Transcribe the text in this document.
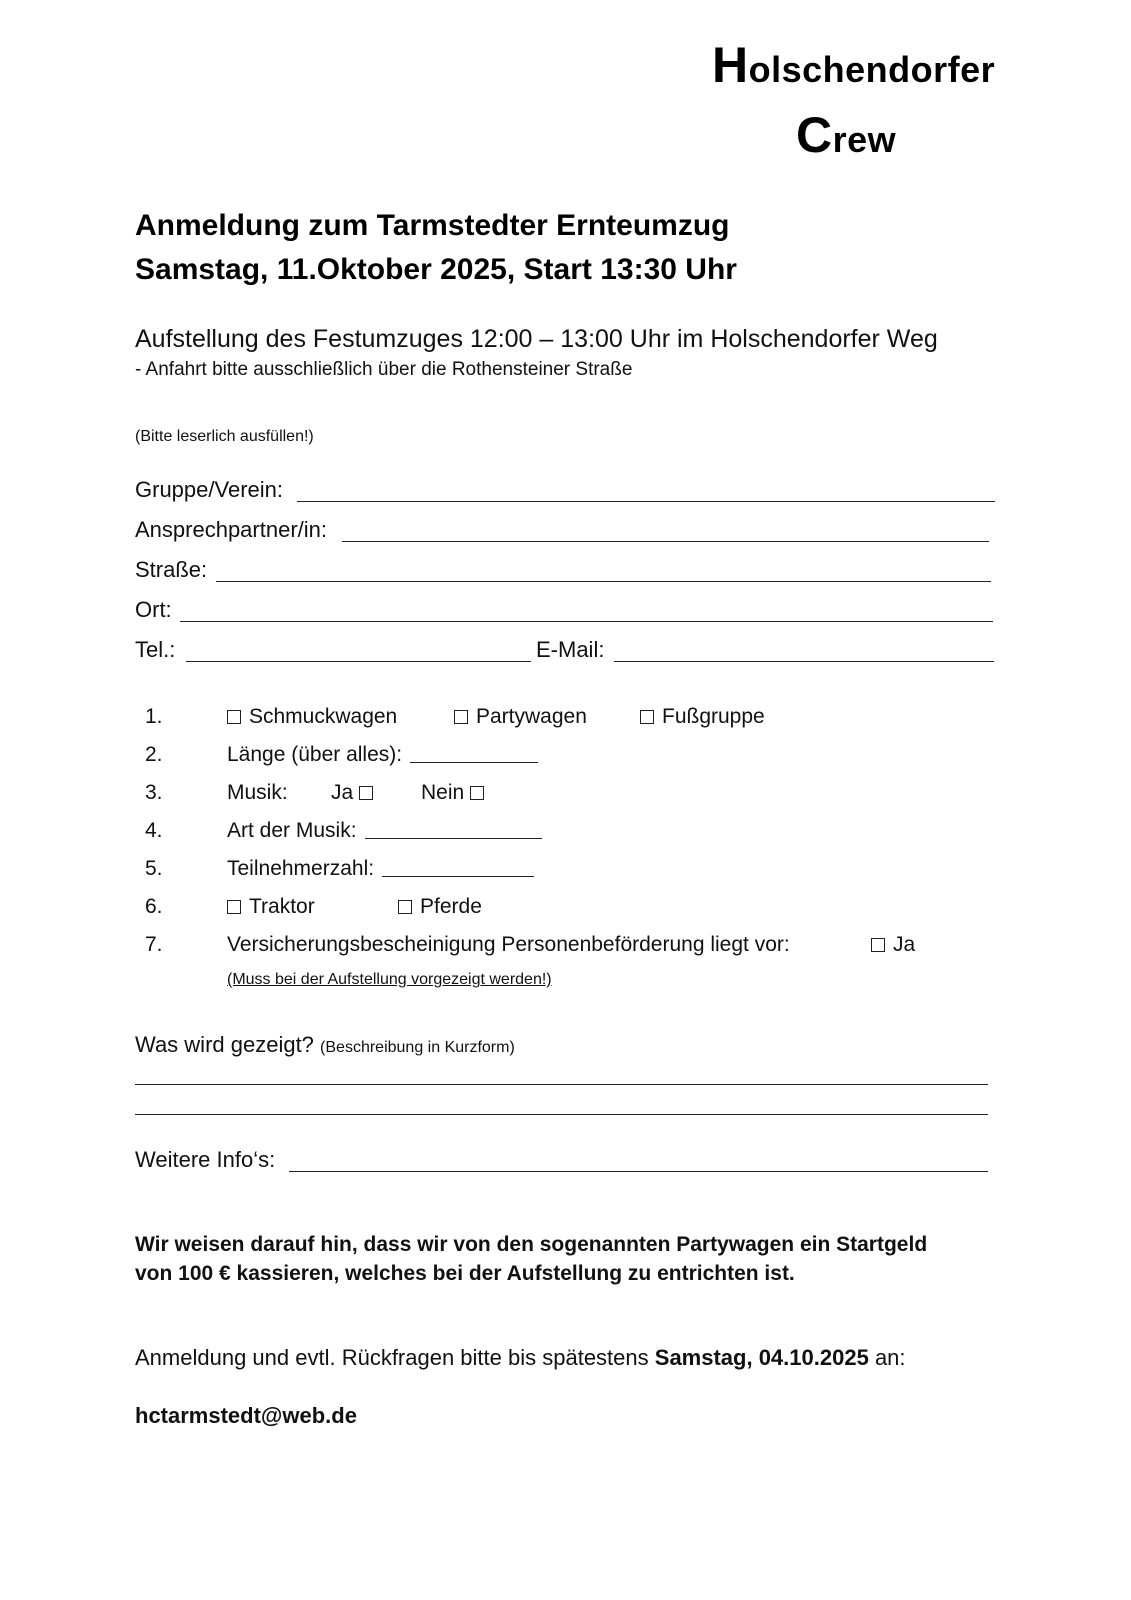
Holschendorfer
Crew
Anmeldung zum Tarmstedter Ernteumzug
Samstag, 11.Oktober 2025, Start 13:30 Uhr
Aufstellung des Festumzuges 12:00 – 13:00 Uhr im Holschendorfer Weg
- Anfahrt bitte ausschließlich über die Rothensteiner Straße
(Bitte leserlich ausfüllen!)
Gruppe/Verein:
Ansprechpartner/in:
Straße:
Ort:
Tel.:	E-Mail:
1.	Schmuckwagen	Partywagen	Fußgruppe
2.	Länge (über alles):
3.	Musik: Ja	Nein
4.	Art der Musik:
5.	Teilnehmerzahl:
6.	Traktor	Pferde
7.	Versicherungsbescheinigung Personenbeförderung liegt vor:	Ja
(Muss bei der Aufstellung vorgezeigt werden!)
Was wird gezeigt? (Beschreibung in Kurzform)
Weitere Info‘s:
Wir weisen darauf hin, dass wir von den sogenannten Partywagen ein Startgeld
von 100 € kassieren, welches bei der Aufstellung zu entrichten ist.
Anmeldung und evtl. Rückfragen bitte bis spätestens Samstag, 04.10.2025 an:
hctarmstedt@web.de
